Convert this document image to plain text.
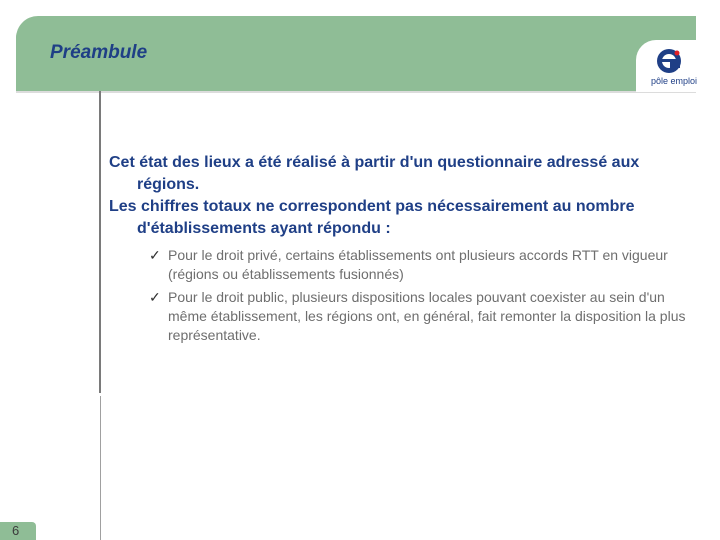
Préambule
pôle emploi

Cet état des lieux a été réalisé à partir d'un questionnaire adressé aux régions.

Les chiffres totaux ne correspondent pas nécessairement au nombre d'établissements ayant répondu :

✓ Pour le droit privé, certains établissements ont plusieurs accords RTT en vigueur (régions ou établissements fusionnés)
✓ Pour le droit public, plusieurs dispositions locales pouvant coexister au sein d'un même établissement, les régions ont, en général, fait remonter la disposition la plus représentative.
6
